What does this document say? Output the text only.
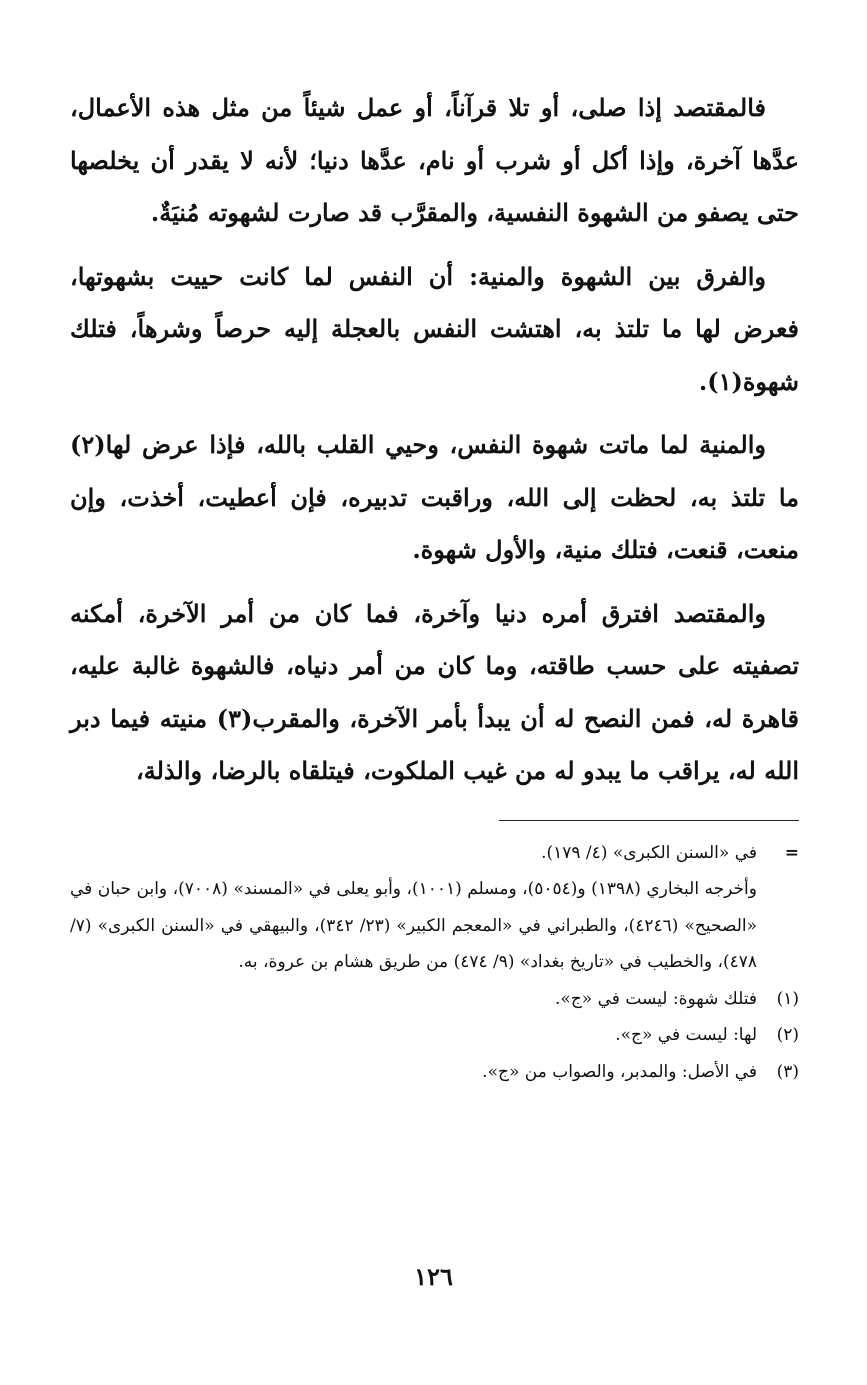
فالمقتصد إذا صلى، أو تلا قرآناً، أو عمل شيئاً من مثل هذه الأعمال، عدَّها آخرة، وإذا أكل أو شرب أو نام، عدَّها دنيا؛ لأنه لا يقدر أن يخلصها حتى يصفو من الشهوة النفسية، والمقرَّب قد صارت لشهوته مُنيَةٌ.

والفرق بين الشهوة والمنية: أن النفس لما كانت حييت بشهوتها، فعرض لها ما تلتذ به، اهتشت النفس بالعجلة إليه حرصاً وشرهاً، فتلك شهوة(١).

والمنية لما ماتت شهوة النفس، وحيي القلب بالله، فإذا عرض لها(٢) ما تلتذ به، لحظت إلى الله، وراقبت تدبيره، فإن أعطيت، أخذت، وإن منعت، قنعت، فتلك منية، والأول شهوة.

والمقتصد افترق أمره دنيا وآخرة، فما كان من أمر الآخرة، أمكنه تصفيته على حسب طاقته، وما كان من أمر دنياه، فالشهوة غالبة عليه، قاهرة له، فمن النصح له أن يبدأ بأمر الآخرة، والمقرب(٣) منيته فيما دبر الله له، يراقب ما يبدو له من غيب الملكوت، فيتلقاه بالرضا، والذلة،

=في «السنن الكبرى» (٤/ ١٧٩).

وأخرجه البخاري (١٣٩٨) و(٥٠٥٤)، ومسلم (١٠٠١)، وأبو يعلى في «المسند» (٧٠٠٨)، وابن حبان في «الصحيح» (٤٢٤٦)، والطبراني في «المعجم الكبير» (٢٣/ ٣٤٢)، والبيهقي في «السنن الكبرى» (٧/ ٤٧٨)، والخطيب في «تاريخ بغداد» (٩/ ٤٧٤) من طريق هشام بن عروة، به.

(١)فتلك شهوة: ليست في «ج».

(٢)لها: ليست في «ج».

(٣)في الأصل: والمدبر، والصواب من «ج».

١٢٦
